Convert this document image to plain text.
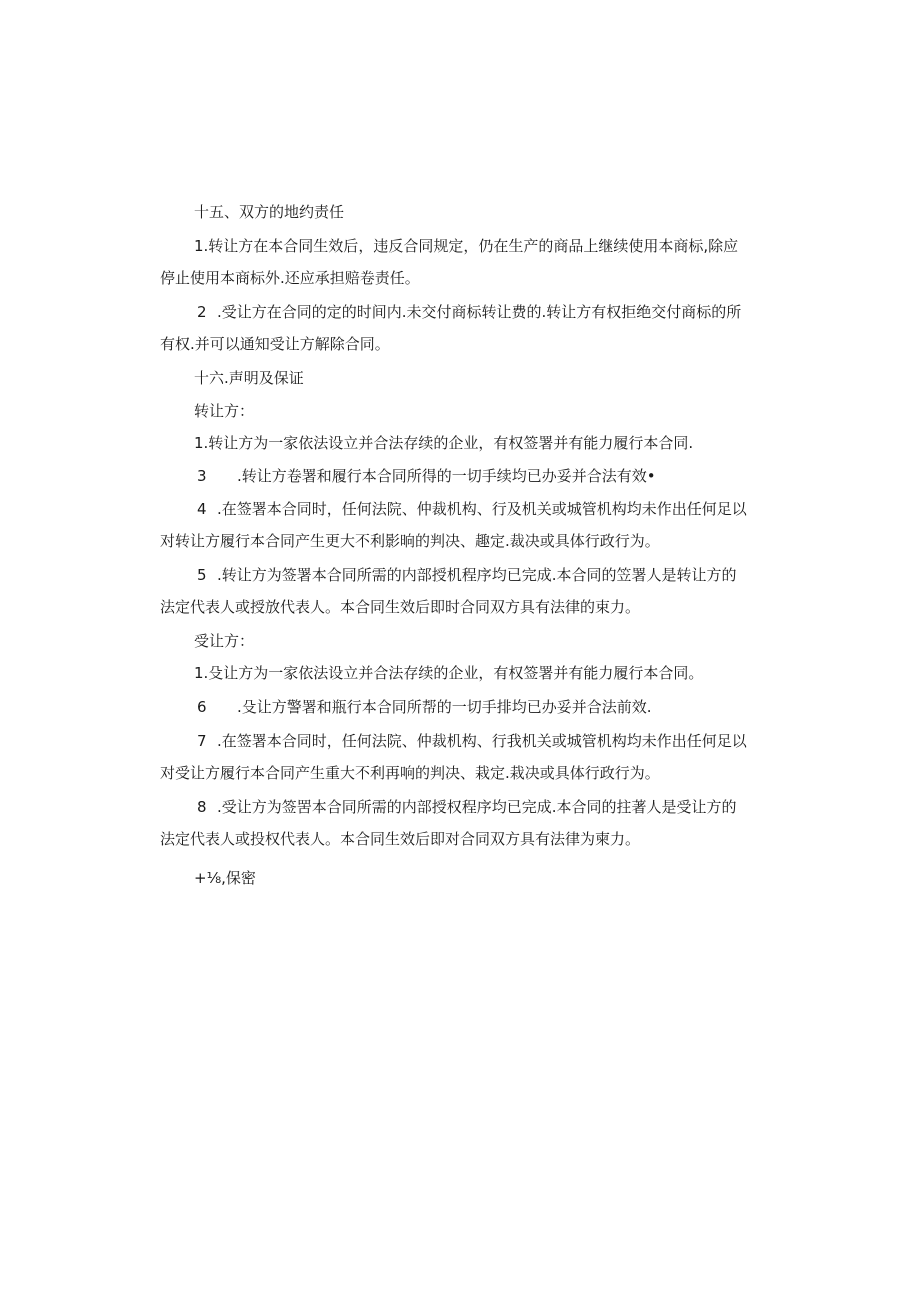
十五、双方的地约责任
1.转让方在本合同生效后，违反合同规定，仍在生产的商品上继续使用本商标,除应
停止使用本商标外.还应承担赔卷责任。
2 .受让方在合同的定的时间内.未交付商标转让费的.转让方有权拒绝交付商标的所
有权.并可以通知受让方解除合同。
十六.声明及保证
转让方：
1.转让方为一家依法设立并合法存续的企业，有权签署并有能力履行本合同.
3 .转让方卷署和履行本合同所得的一切手续均已办妥并合法有效•
4 .在签署本合同时，任何法院、仲裁机构、行及机关或城管机构均未作出任何足以
对转让方履行本合同产生更大不利影晌的判决、趣定.裁决或具体行政行为。
5 .转让方为签署本合同所需的内部授机程序均已完成.本合同的笠署人是转让方的
法定代表人或授放代表人。本合同生效后即时合同双方具有法律的束力。
受让方：
1.殳让方为一家依法设立并合法存续的企业，有权签署并有能力履行本合同。
6 .殳让方警署和瓶行本合同所帮的一切手排均已办妥并合法前效.
7 .在签署本合同时，任何法院、仲裁机构、行我机关或城管机构均未作出任何足以
对受让方履行本合同产生重大不利再响的判决、栽定.栽决或具体行政行为。
8 .受让方为签罟本合同所需的内部授权程序均已完成.本合同的拄著人是受让方的
法定代表人或投权代表人。本合同生效后即对合同双方具有法律为柬力。
+⅛,保密
